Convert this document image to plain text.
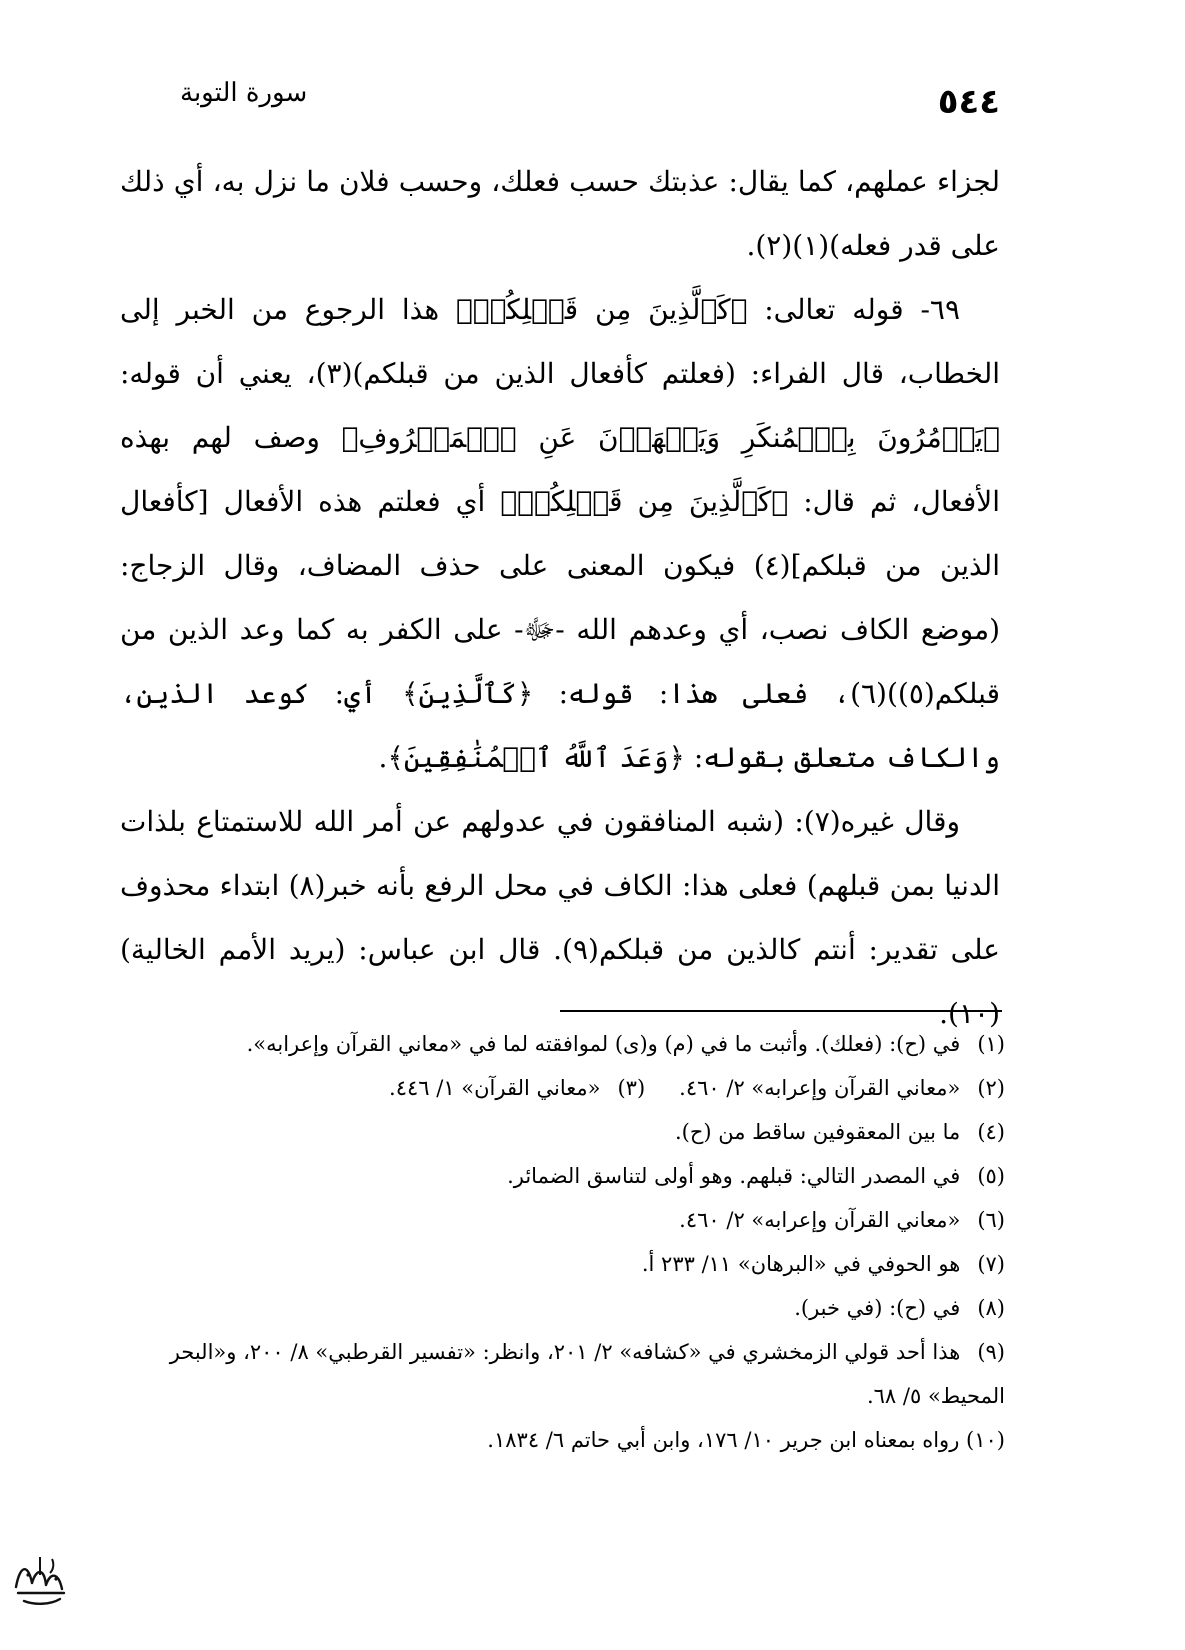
٥٤٤
سورة التوبة

لجزاء عملهم، كما يقال: عذبتك حسب فعلك، وحسب فلان ما نزل به، أي ذلك على قدر فعله)(١)(٢).

٦٩- قوله تعالى: ﴿كَٱلَّذِينَ مِن قَبۡلِكُمۡ﴾ هذا الرجوع من الخبر إلى الخطاب، قال الفراء: (فعلتم كأفعال الذين من قبلكم)(٣)، يعني أن قوله: ﴿يَأۡمُرُونَ بِٱلۡمُنكَرِ وَيَنۡهَوۡنَ عَنِ ٱلۡمَعۡرُوفِ﴾ وصف لهم بهذه الأفعال، ثم قال: ﴿كَٱلَّذِينَ مِن قَبۡلِكُمۡ﴾ أي فعلتم هذه الأفعال [كأفعال الذين من قبلكم](٤) فيكون المعنى على حذف المضاف، وقال الزجاج: (موضع الكاف نصب، أي وعدهم الله -ﷻ- على الكفر به كما وعد الذين من قبلكم(٥))(٦)، فعلى هذا: قوله: ﴿كَٱلَّذِينَ﴾ أي: كوعد الذين، والكاف متعلق بقوله: ﴿وَعَدَ ٱللَّهُ ٱلۡمُنَٰفِقِينَ﴾.

وقال غيره(٧): (شبه المنافقون في عدولهم عن أمر الله للاستمتاع بلذات الدنيا بمن قبلهم) فعلى هذا: الكاف في محل الرفع بأنه خبر(٨) ابتداء محذوف على تقدير: أنتم كالذين من قبلكم(٩). قال ابن عباس: (يريد الأمم الخالية)(١٠).

(١) في (ح): (فعلك). وأثبت ما في (م) و(ى) لموافقته لما في «معاني القرآن وإعرابه».

(٢) «معاني القرآن وإعرابه» ٢/ ٤٦٠.
(٣) «معاني القرآن» ١/ ٤٤٦.

(٤) ما بين المعقوفين ساقط من (ح).

(٥) في المصدر التالي: قبلهم. وهو أولى لتناسق الضمائر.

(٦) «معاني القرآن وإعرابه» ٢/ ٤٦٠.

(٧) هو الحوفي في «البرهان» ١١/ ٢٣٣ أ.

(٨) في (ح): (في خبر).

(٩) هذا أحد قولي الزمخشري في «كشافه» ٢/ ٢٠١، وانظر: «تفسير القرطبي» ٨/ ٢٠٠، و«البحر المحيط» ٥/ ٦٨.

(١٠) رواه بمعناه ابن جرير ١٠/ ١٧٦، وابن أبي حاتم ٦/ ١٨٣٤.
